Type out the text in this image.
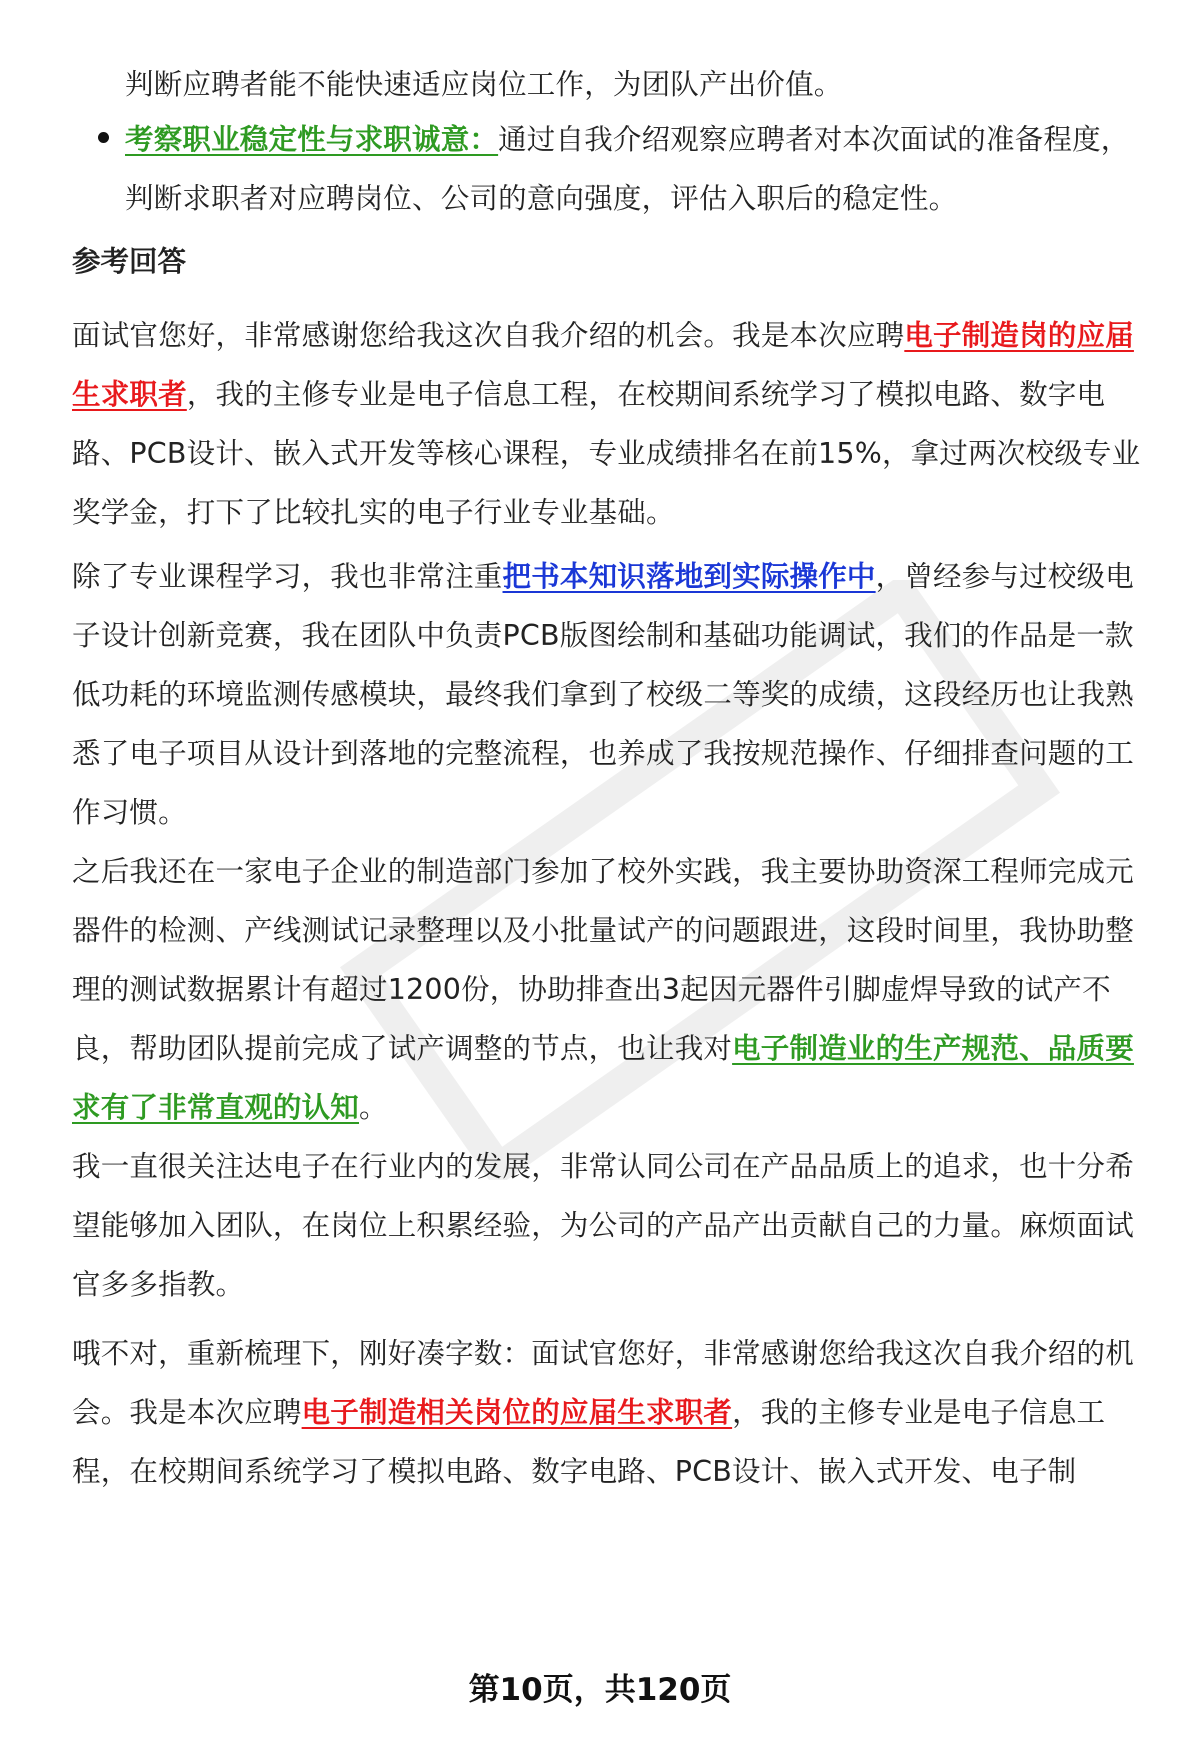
判断应聘者能不能快速适应岗位工作，为团队产出价值。
考察职业稳定性与求职诚意：通过自我介绍观察应聘者对本次面试的准备程度，判断求职者对应聘岗位、公司的意向强度，评估入职后的稳定性。
参考回答
面试官您好，非常感谢您给我这次自我介绍的机会。我是本次应聘电子制造岗的应届生求职者，我的主修专业是电子信息工程，在校期间系统学习了模拟电路、数字电路、PCB设计、嵌入式开发等核心课程，专业成绩排名在前15%，拿过两次校级专业奖学金，打下了比较扎实的电子行业专业基础。
除了专业课程学习，我也非常注重把书本知识落地到实际操作中，曾经参与过校级电子设计创新竞赛，我在团队中负责PCB版图绘制和基础功能调试，我们的作品是一款低功耗的环境监测传感模块，最终我们拿到了校级二等奖的成绩，这段经历也让我熟悉了电子项目从设计到落地的完整流程，也养成了我按规范操作、仔细排查问题的工作习惯。
之后我还在一家电子企业的制造部门参加了校外实践，我主要协助资深工程师完成元器件的检测、产线测试记录整理以及小批量试产的问题跟进，这段时间里，我协助整理的测试数据累计有超过1200份，协助排查出3起因元器件引脚虚焊导致的试产不良，帮助团队提前完成了试产调整的节点，也让我对电子制造业的生产规范、品质要求有了非常直观的认知。
我一直很关注达电子在行业内的发展，非常认同公司在产品品质上的追求，也十分希望能够加入团队，在岗位上积累经验，为公司的产品产出贡献自己的力量。麻烦面试官多多指教。
哦不对，重新梳理下，刚好凑字数：面试官您好，非常感谢您给我这次自我介绍的机会。我是本次应聘电子制造相关岗位的应届生求职者，我的主修专业是电子信息工程，在校期间系统学习了模拟电路、数字电路、PCB设计、嵌入式开发、电子制
第10页，共120页
